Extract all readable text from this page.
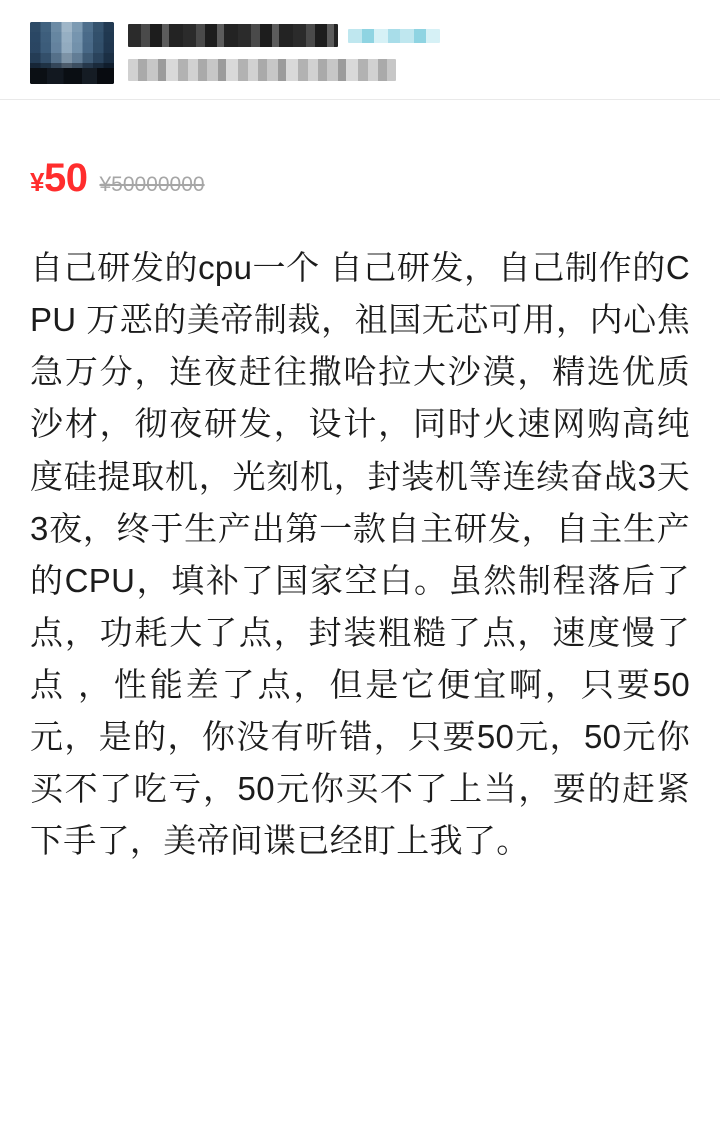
¥50 ¥50000000
自己研发的cpu一个 自己研发，自己制作的CPU 万恶的美帝制裁，祖国无芯可用，内心焦急万分，连夜赶往撒哈拉大沙漠，精选优质沙材，彻夜研发，设计，同时火速网购高纯度硅提取机，光刻机，封装机等连续奋战3天3夜，终于生产出第一款自主研发，自主生产的CPU，填补了国家空白。虽然制程落后了点，功耗大了点，封装粗糙了点，速度慢了点 ，性能差了点，但是它便宜啊，只要50元，是的，你没有听错，只要50元，50元你买不了吃亏，50元你买不了上当，要的赶紧下手了，美帝间谍已经盯上我了。
